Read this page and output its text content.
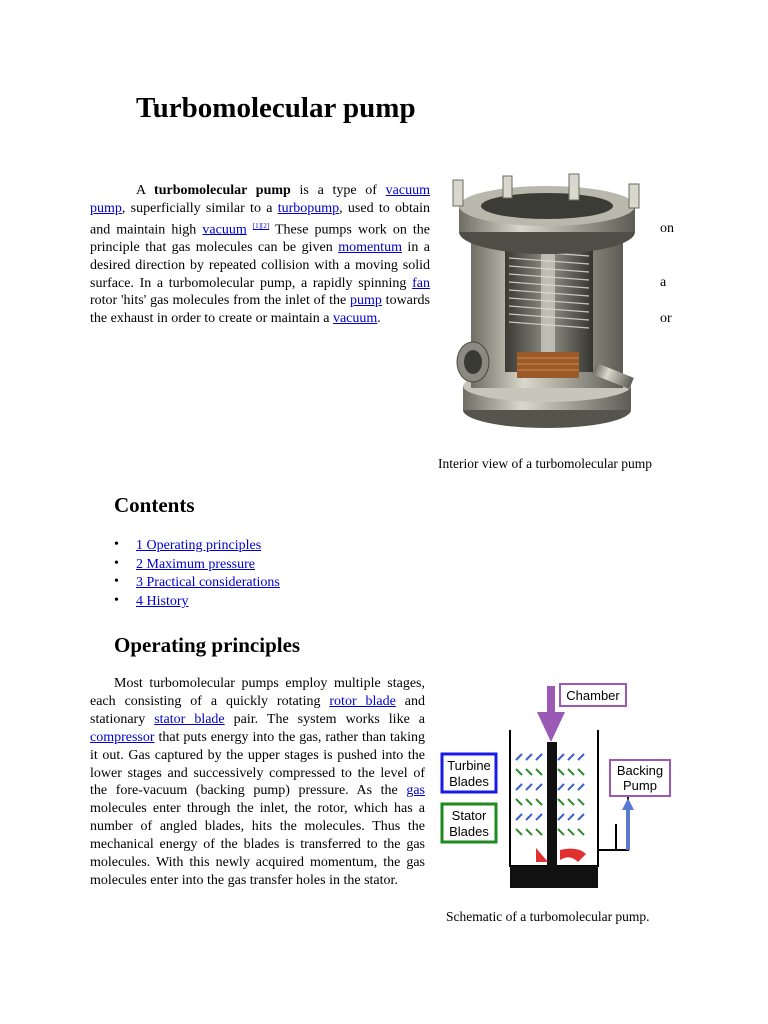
Turbomolecular pump

A turbomolecular pump is a type of vacuum pump, superficially similar to a turbopump, used to obtain and maintain high vacuum [1][2] These pumps work on the principle that gas molecules can be given momentum in a desired direction by repeated collision with a moving solid surface. In a turbomolecular pump, a rapidly spinning fan rotor 'hits' gas molecules from the inlet of the pump towards the exhaust in order to create or maintain a vacuum.

on
a
or
Interior view of a turbomolecular pump
Contents
• 1 Operating principles
• 2 Maximum pressure
• 3 Practical considerations
• 4 History
Operating principles

Most turbomolecular pumps employ multiple stages, each consisting of a quickly rotating rotor blade and stationary stator blade pair. The system works like a compressor that puts energy into the gas, rather than taking it out. Gas captured by the upper stages is pushed into the lower stages and successively compressed to the level of the fore-vacuum (backing pump) pressure. As the gas molecules enter through the inlet, the rotor, which has a number of angled blades, hits the molecules. Thus the mechanical energy of the blades is transferred to the gas molecules. With this newly acquired momentum, the gas molecules enter into the gas transfer holes in the stator.

Chamber
Turbine
Blades
Stator
Blades
Backing
Pump
Schematic of a turbomolecular pump.
